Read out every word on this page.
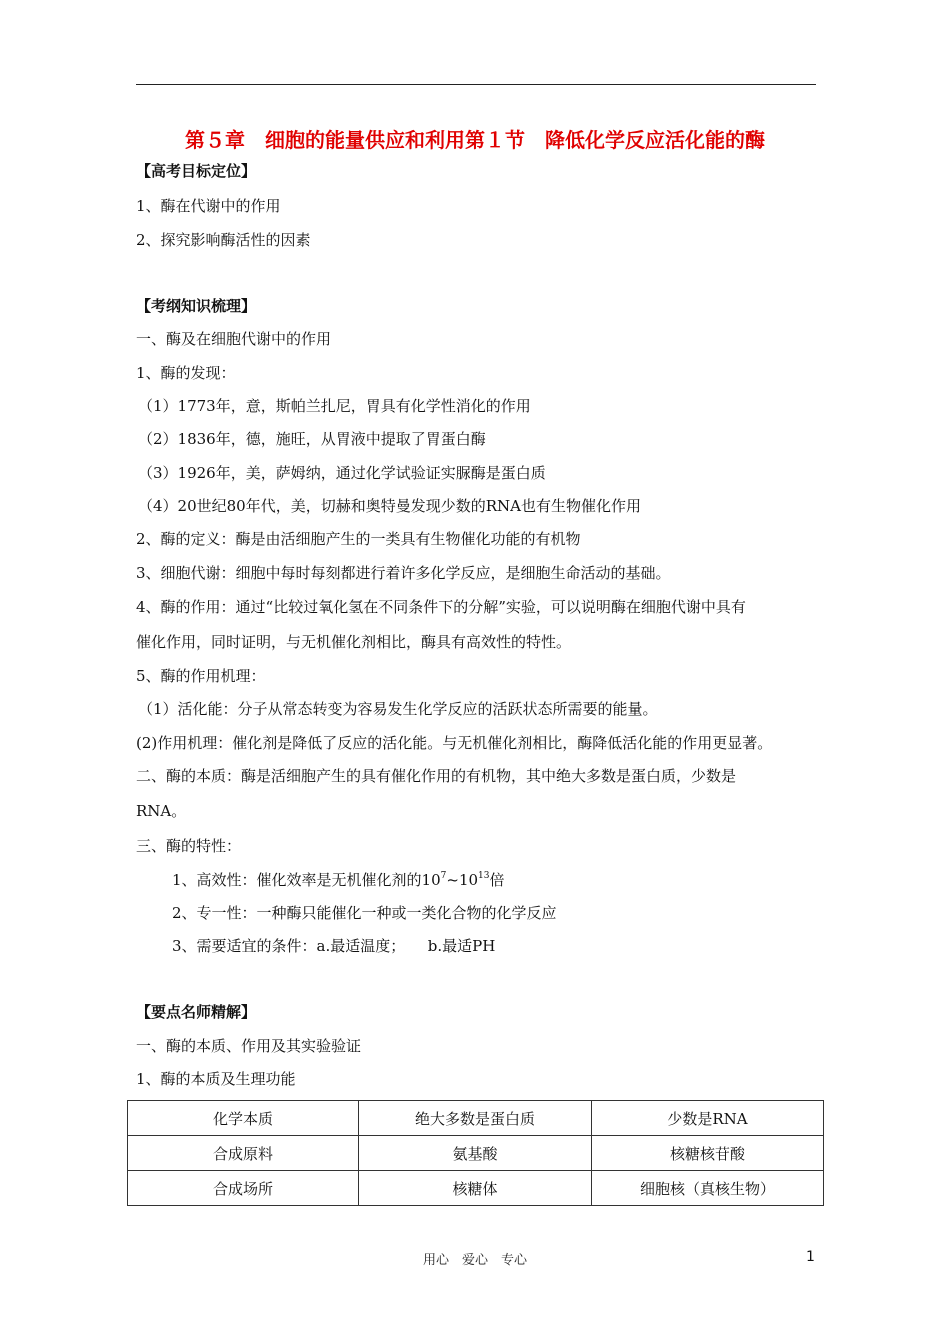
第５章　细胞的能量供应和利用第１节　降低化学反应活化能的酶
【高考目标定位】
1、酶在代谢中的作用
2、探究影响酶活性的因素
【考纲知识梳理】
一、酶及在细胞代谢中的作用
1、酶的发现：
（1）1773年，意，斯帕兰扎尼，胃具有化学性消化的作用
（2）1836年，德，施旺，从胃液中提取了胃蛋白酶
（3）1926年，美，萨姆纳，通过化学试验证实脲酶是蛋白质
（4）20世纪80年代，美，切赫和奥特曼发现少数的RNA也有生物催化作用
2、酶的定义：酶是由活细胞产生的一类具有生物催化功能的有机物
3、细胞代谢：细胞中每时每刻都进行着许多化学反应，是细胞生命活动的基础。
4、酶的作用：通过“比较过氧化氢在不同条件下的分解”实验，可以说明酶在细胞代谢中具有
催化作用，同时证明，与无机催化剂相比，酶具有高效性的特性。
5、酶的作用机理：
（1）活化能：分子从常态转变为容易发生化学反应的活跃状态所需要的能量。
(2)作用机理：催化剂是降低了反应的活化能。与无机催化剂相比，酶降低活化能的作用更显著。
二、酶的本质：酶是活细胞产生的具有催化作用的有机物，其中绝大多数是蛋白质，少数是
RNA。
三、酶的特性：
1、高效性：催化效率是无机催化剂的$10^7\sim 10^{13}$倍
2、专一性：一种酶只能催化一种或一类化合物的化学反应
3、需要适宜的条件：a.最适温度；　　b.最适PH
【要点名师精解】
一、酶的本质、作用及其实验验证
1、酶的本质及生理功能
化学本质	绝大多数是蛋白质	少数是RNA
合成原料	氨基酸	核糖核苷酸
合成场所	核糖体	细胞核（真核生物）
用心　爱心　专心	1
